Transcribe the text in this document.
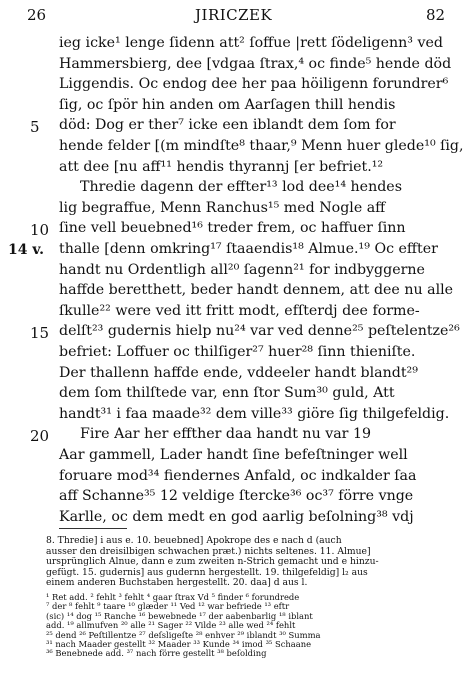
26	JIRICZEK	82
ieg icke¹ lenge ſidenn att² ſoffue |rett ſödeligenn³ ved
Hammersbierg, dee [vdgaa ſtrax,⁴ oc finde⁵ hende död
Liggendis. Oc endog dee her paa höiligenn forundrer⁶
ſig, oc ſpör hin anden om Aarſagen thill hendis
död: Dog er ther⁷ icke een iblandt dem ſom for
hende felder [(m mindſte⁸ thaar,⁹ Menn huer glede¹⁰ ſig,
att dee [nu aff¹¹ hendis thyrannj [er befriet.¹²
Thredie dagenn der effter¹³ lod dee¹⁴ hendes
lig begraffue, Menn Ranchus¹⁵ med Nogle aff
ſine vell beuebned¹⁶ treder frem, oc haffuer ſinn
thalle [denn omkring¹⁷ ſtaaendis¹⁸ Almue.¹⁹ Oc effter
handt nu Ordentligh all²⁰ ſagenn²¹ for indbyggerne
haffde beretthett, beder handt dennem, att dee nu alle
ſkulle²² were ved itt fritt modt, efſterdj dee forme-
delſt²³ gudernis hielp nu²⁴ var ved denne²⁵ peſtelentze²⁶
befriet: Loffuer oc thilſiger²⁷ huer²⁸ ſinn thieniſte.
Der thallenn haffde ende, vddeeler handt blandt²⁹
dem ſom thilſtede var, enn ſtor Sum³⁰ guld, Att
handt³¹ i faa maade³² dem ville³³ giöre ſig thilgefeldig.
Fire Aar her effther daa handt nu var 19
Aar gammell, Lader handt ſine befeſtninger well
foruare mod³⁴ fiendernes Anfald, oc indkalder ſaa
aff Schanne³⁵ 12 veldige ſtercke³⁶ oc³⁷ förre vnge
Karlle, oc dem medt en god aarlig beſolning³⁸ vdj
5
10
15
20
14 v.
8. Thredie] i aus e. 10. beuebned] Apokrope des e nach d (auch
ausser den dreisilbigen schwachen præt.) nichts seltenes. 11. Almue]
ursprünglich Alnue, dann e zum zweiten n-Strich gemacht und e hinzu-
gefügt. 15. gudernis] aus gudernn hergestellt. 19. thilgefeldig] l₂ aus
einem anderen Buchstaben hergestellt. 20. daa] d aus l.
¹ Ret add. ² fehlt ³ fehlt ⁴ gaar ſtrax Vd ⁵ finder ⁶ forundrede
⁷ der ⁸ fehlt ⁹ taare ¹⁰ glæder ¹¹ Ved ¹² war befriede ¹³ eftr
(sic) ¹⁴ dog ¹⁵ Ranche ¹⁶ bewebnede ¹⁷ der aabenbarlig ¹⁸ iblant
add. ¹⁹ allmufven ²⁰ alle ²¹ Sager ²² Vilde ²³ alle wed ²⁴ fehlt
²⁵ dend ²⁶ Peſtillentze ²⁷ deſsligeſte ²⁸ enhver ²⁹ iblandt ³⁰ Summa
³¹ nach Maader gestellt ³² Maader ³³ Kunde ³⁴ imod ³⁵ Schaane
³⁶ Benebnede add. ³⁷ nach förre gestellt ³⁸ beſolding
